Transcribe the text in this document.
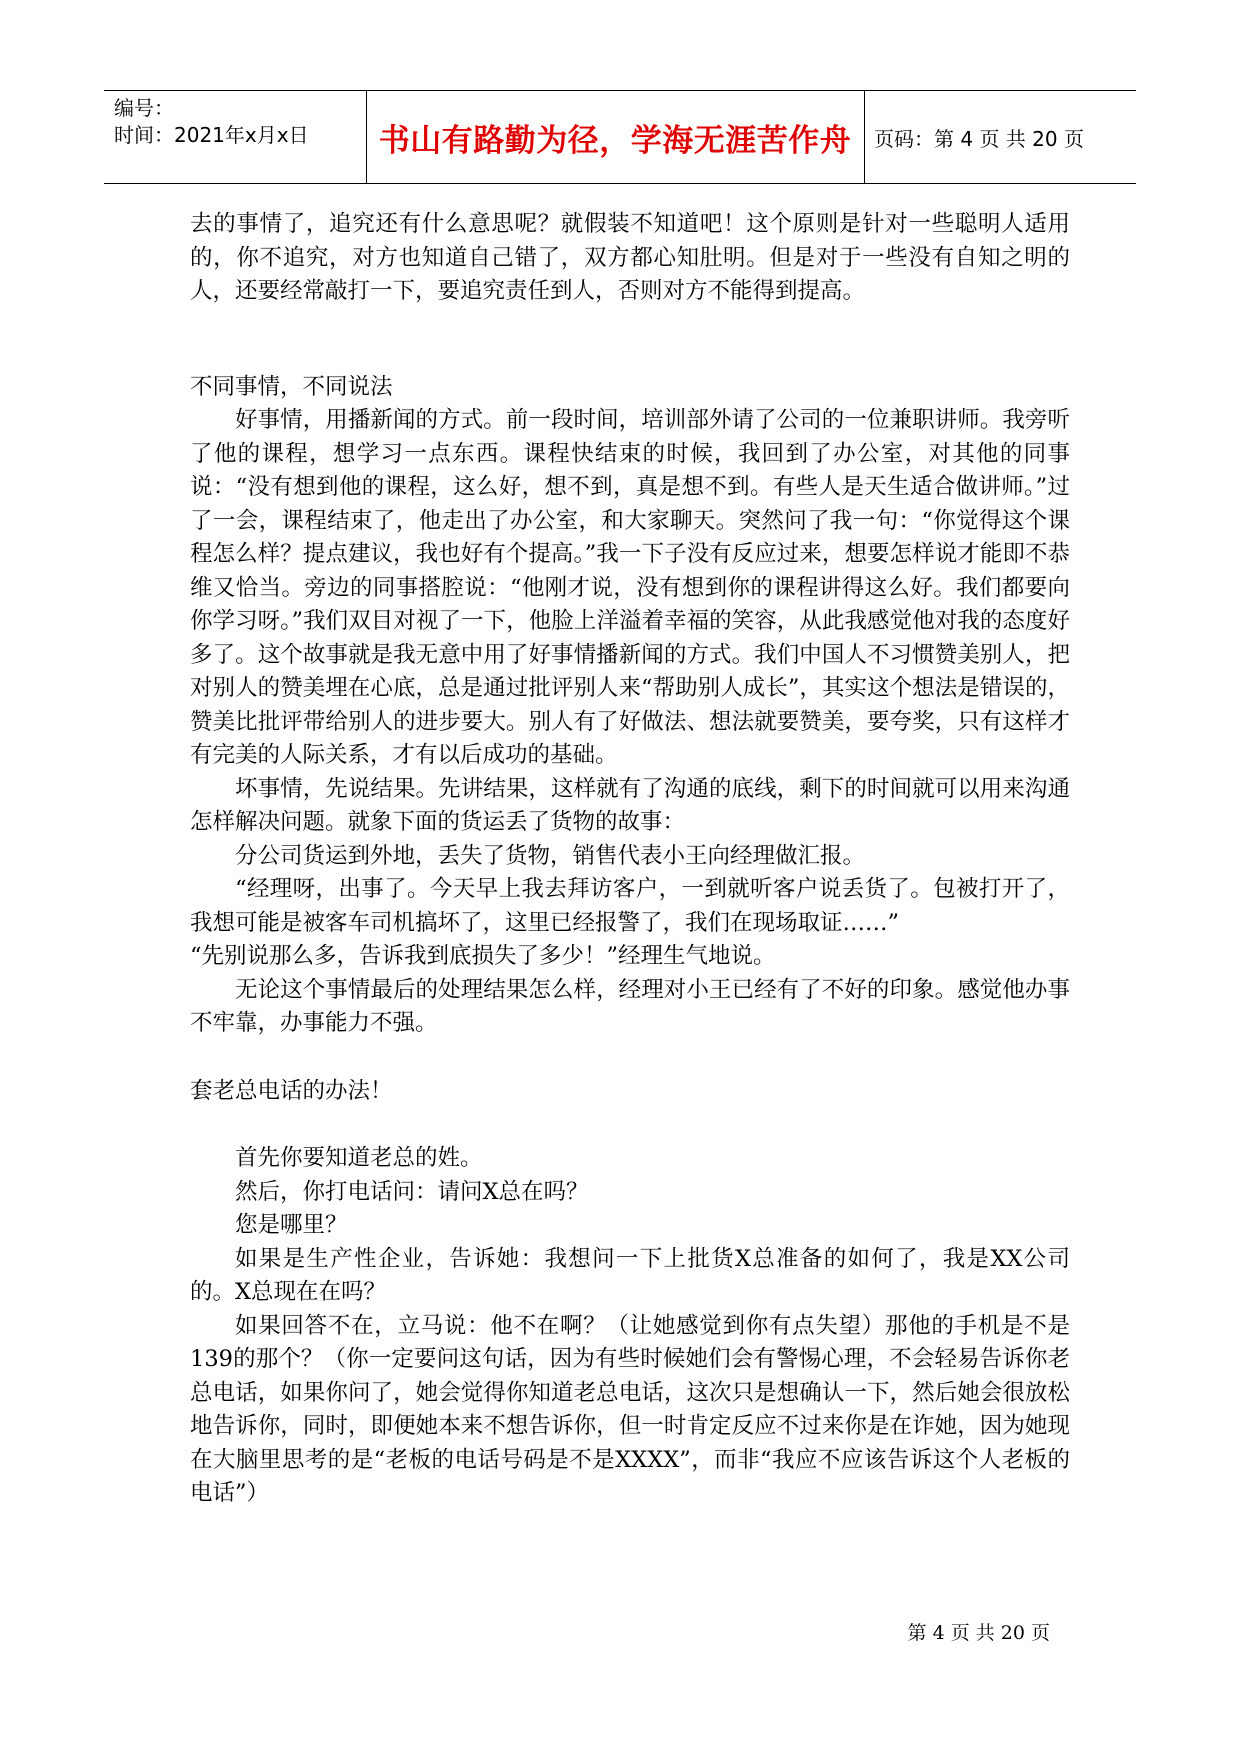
编号：
时间：2021年x月x日	书山有路勤为径，学海无涯苦作舟	页码：第 4 页 共 20 页

去的事情了，追究还有什么意思呢？就假装不知道吧！这个原则是针对一些聪明人适用的，你不追究，对方也知道自己错了，双方都心知肚明。但是对于一些没有自知之明的人，还要经常敲打一下，要追究责任到人，否则对方不能得到提高。

不同事情，不同说法

好事情，用播新闻的方式。前一段时间，培训部外请了公司的一位兼职讲师。我旁听了他的课程，想学习一点东西。课程快结束的时候，我回到了办公室，对其他的同事说：“没有想到他的课程，这么好，想不到，真是想不到。有些人是天生适合做讲师。”过了一会，课程结束了，他走出了办公室，和大家聊天。突然问了我一句：“你觉得这个课程怎么样？提点建议，我也好有个提高。”我一下子没有反应过来，想要怎样说才能即不恭维又恰当。旁边的同事搭腔说：“他刚才说，没有想到你的课程讲得这么好。我们都要向你学习呀。”我们双目对视了一下，他脸上洋溢着幸福的笑容，从此我感觉他对我的态度好多了。这个故事就是我无意中用了好事情播新闻的方式。我们中国人不习惯赞美别人，把对别人的赞美埋在心底，总是通过批评别人来“帮助别人成长”，其实这个想法是错误的，赞美比批评带给别人的进步要大。别人有了好做法、想法就要赞美，要夸奖，只有这样才有完美的人际关系，才有以后成功的基础。

坏事情，先说结果。先讲结果，这样就有了沟通的底线，剩下的时间就可以用来沟通怎样解决问题。就象下面的货运丢了货物的故事：

分公司货运到外地，丢失了货物，销售代表小王向经理做汇报。

“经理呀，出事了。今天早上我去拜访客户，一到就听客户说丢货了。包被打开了，我想可能是被客车司机搞坏了，这里已经报警了，我们在现场取证……”

“先别说那么多，告诉我到底损失了多少！”经理生气地说。

无论这个事情最后的处理结果怎么样，经理对小王已经有了不好的印象。感觉他办事不牢靠，办事能力不强。

套老总电话的办法！

首先你要知道老总的姓。

然后，你打电话问：请问X总在吗？

您是哪里？

如果是生产性企业，告诉她：我想问一下上批货X总准备的如何了，我是XX公司的。X总现在在吗？

如果回答不在，立马说：他不在啊？（让她感觉到你有点失望）那他的手机是不是139的那个？（你一定要问这句话，因为有些时候她们会有警惕心理，不会轻易告诉你老总电话，如果你问了，她会觉得你知道老总电话，这次只是想确认一下，然后她会很放松地告诉你，同时，即便她本来不想告诉你，但一时肯定反应不过来你是在诈她，因为她现在大脑里思考的是“老板的电话号码是不是XXXX”，而非“我应不应该告诉这个人老板的电话”）

第 4 页 共 20 页
